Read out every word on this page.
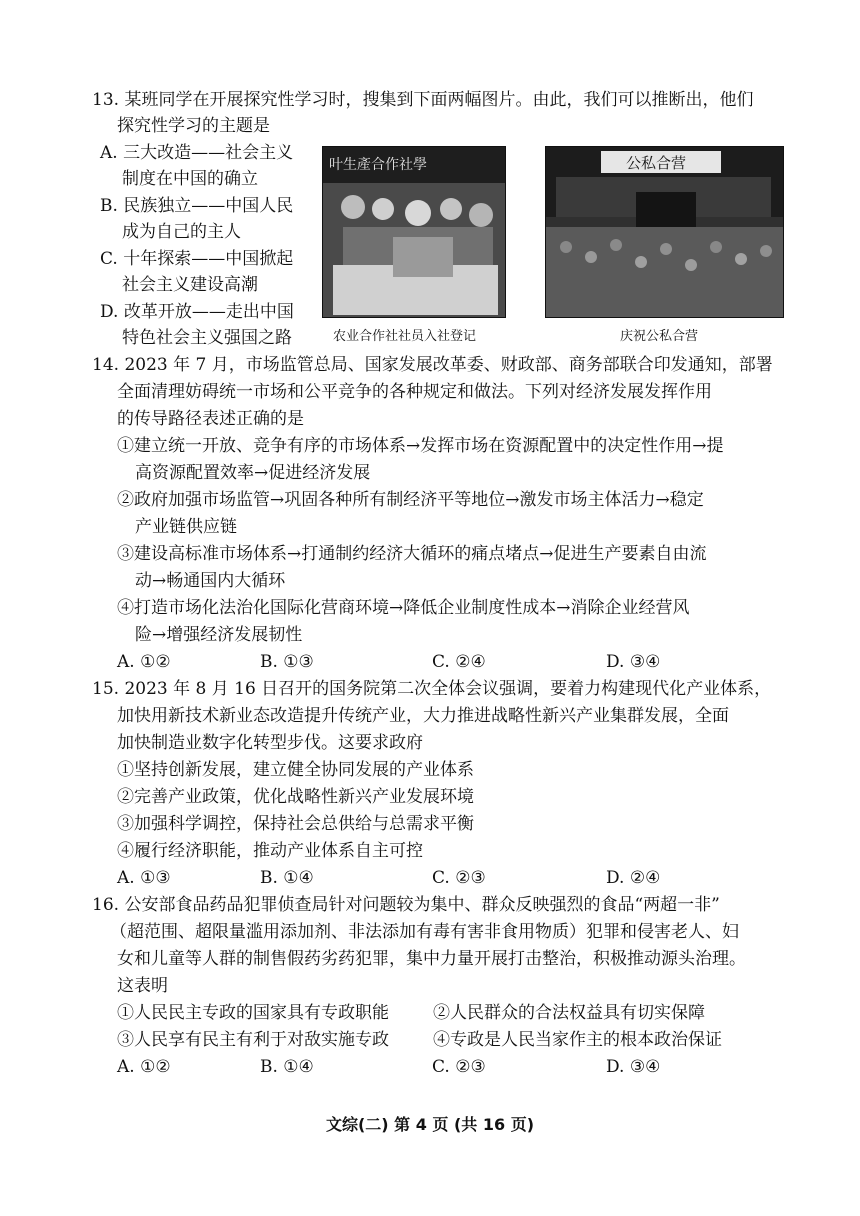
13. 某班同学在开展探究性学习时，搜集到下面两幅图片。由此，我们可以推断出，他们
探究性学习的主题是
A. 三大改造——社会主义
制度在中国的确立
B. 民族独立——中国人民
成为自己的主人
C. 十年探索——中国掀起
社会主义建设高潮
D. 改革开放——走出中国
特色社会主义强国之路
叶生產合作社學
农业合作社社员入社登记
公私合营
庆祝公私合营
14. 2023 年 7 月，市场监管总局、国家发展改革委、财政部、商务部联合印发通知，部署
全面清理妨碍统一市场和公平竞争的各种规定和做法。下列对经济发展发挥作用
的传导路径表述正确的是
①建立统一开放、竞争有序的市场体系→发挥市场在资源配置中的决定性作用→提
高资源配置效率→促进经济发展
②政府加强市场监管→巩固各种所有制经济平等地位→激发市场主体活力→稳定
产业链供应链
③建设高标准市场体系→打通制约经济大循环的痛点堵点→促进生产要素自由流
动→畅通国内大循环
④打造市场化法治化国际化营商环境→降低企业制度性成本→消除企业经营风
险→增强经济发展韧性
A. ①②	B. ①③	C. ②④	D. ③④
15. 2023 年 8 月 16 日召开的国务院第二次全体会议强调，要着力构建现代化产业体系，
加快用新技术新业态改造提升传统产业，大力推进战略性新兴产业集群发展，全面
加快制造业数字化转型步伐。这要求政府
①坚持创新发展，建立健全协同发展的产业体系
②完善产业政策，优化战略性新兴产业发展环境
③加强科学调控，保持社会总供给与总需求平衡
④履行经济职能，推动产业体系自主可控
A. ①③	B. ①④	C. ②③	D. ②④
16. 公安部食品药品犯罪侦查局针对问题较为集中、群众反映强烈的食品“两超一非”
（超范围、超限量滥用添加剂、非法添加有毒有害非食用物质）犯罪和侵害老人、妇
女和儿童等人群的制售假药劣药犯罪，集中力量开展打击整治，积极推动源头治理。
这表明
①人民民主专政的国家具有专政职能	②人民群众的合法权益具有切实保障
③人民享有民主有利于对敌实施专政	④专政是人民当家作主的根本政治保证
A. ①②	B. ①④	C. ②③	D. ③④
文综(二) 第 4 页 (共 16 页)
